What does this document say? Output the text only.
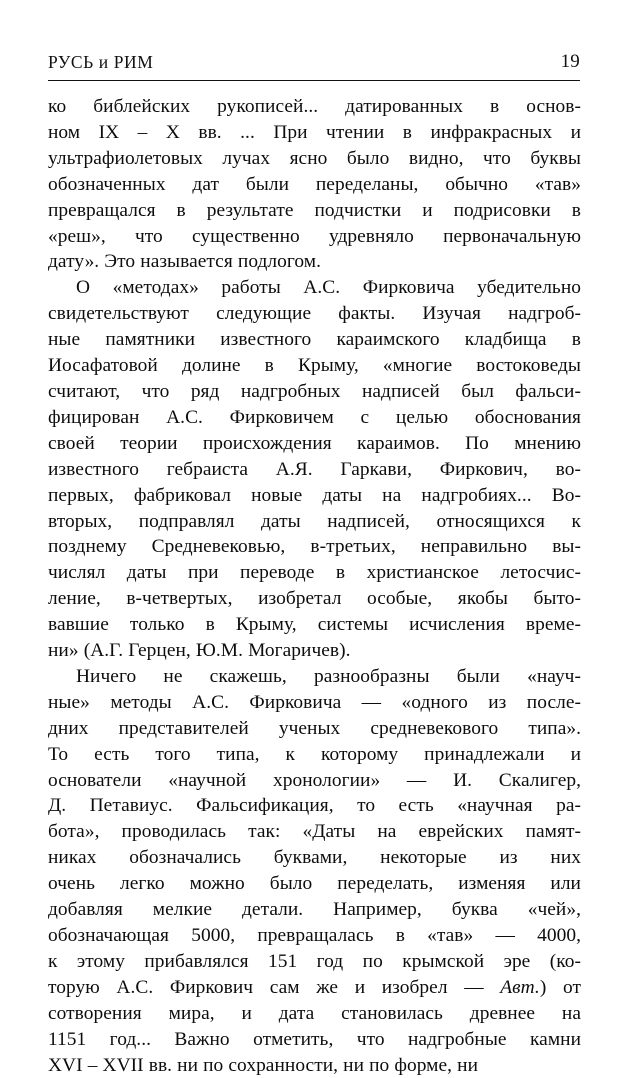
РУСЬ и РИМ	19

ко библейских рукописей... датированных в основ-
ном IX – X вв. ... При чтении в инфракрасных и
ультрафиолетовых лучах ясно было видно, что буквы
обозначенных дат были переделаны, обычно «тав»
превращался в результате подчистки и подрисовки в
«реш», что существенно удревняло первоначальную
дату». Это называется подлогом.

О «методах» работы А.С. Фирковича убедительно
свидетельствуют следующие факты. Изучая надгроб-
ные памятники известного караимского кладбища в
Иосафатовой долине в Крыму, «многие востоковеды
считают, что ряд надгробных надписей был фальси-
фицирован А.С. Фирковичем с целью обоснования
своей теории происхождения караимов. По мнению
известного гебраиста А.Я. Гаркави, Фиркович, во-
первых, фабриковал новые даты на надгробиях... Во-
вторых, подправлял даты надписей, относящихся к
позднему Средневековью, в-третьих, неправильно вы-
числял даты при переводе в христианское летосчис-
ление, в-четвертых, изобретал особые, якобы быто-
вавшие только в Крыму, системы исчисления време-
ни» (А.Г. Герцен, Ю.М. Могаричев).

Ничего не скажешь, разнообразны были «науч-
ные» методы А.С. Фирковича — «одного из после-
дних представителей ученых средневекового типа».
То есть того типа, к которому принадлежали и
основатели «научной хронологии» — И. Скалигер,
Д. Петавиус. Фальсификация, то есть «научная ра-
бота», проводилась так: «Даты на еврейских памят-
никах обозначались буквами, некоторые из них
очень легко можно было переделать, изменяя или
добавляя мелкие детали. Например, буква «чей»,
обозначающая 5000, превращалась в «тав» — 4000,
к этому прибавлялся 151 год по крымской эре (ко-
торую А.С. Фиркович сам же и изобрел — Авт.) от
сотворения мира, и дата становилась древнее на
1151 год... Важно отметить, что надгробные камни
XVI – XVII вв. ни по сохранности, ни по форме, ни
